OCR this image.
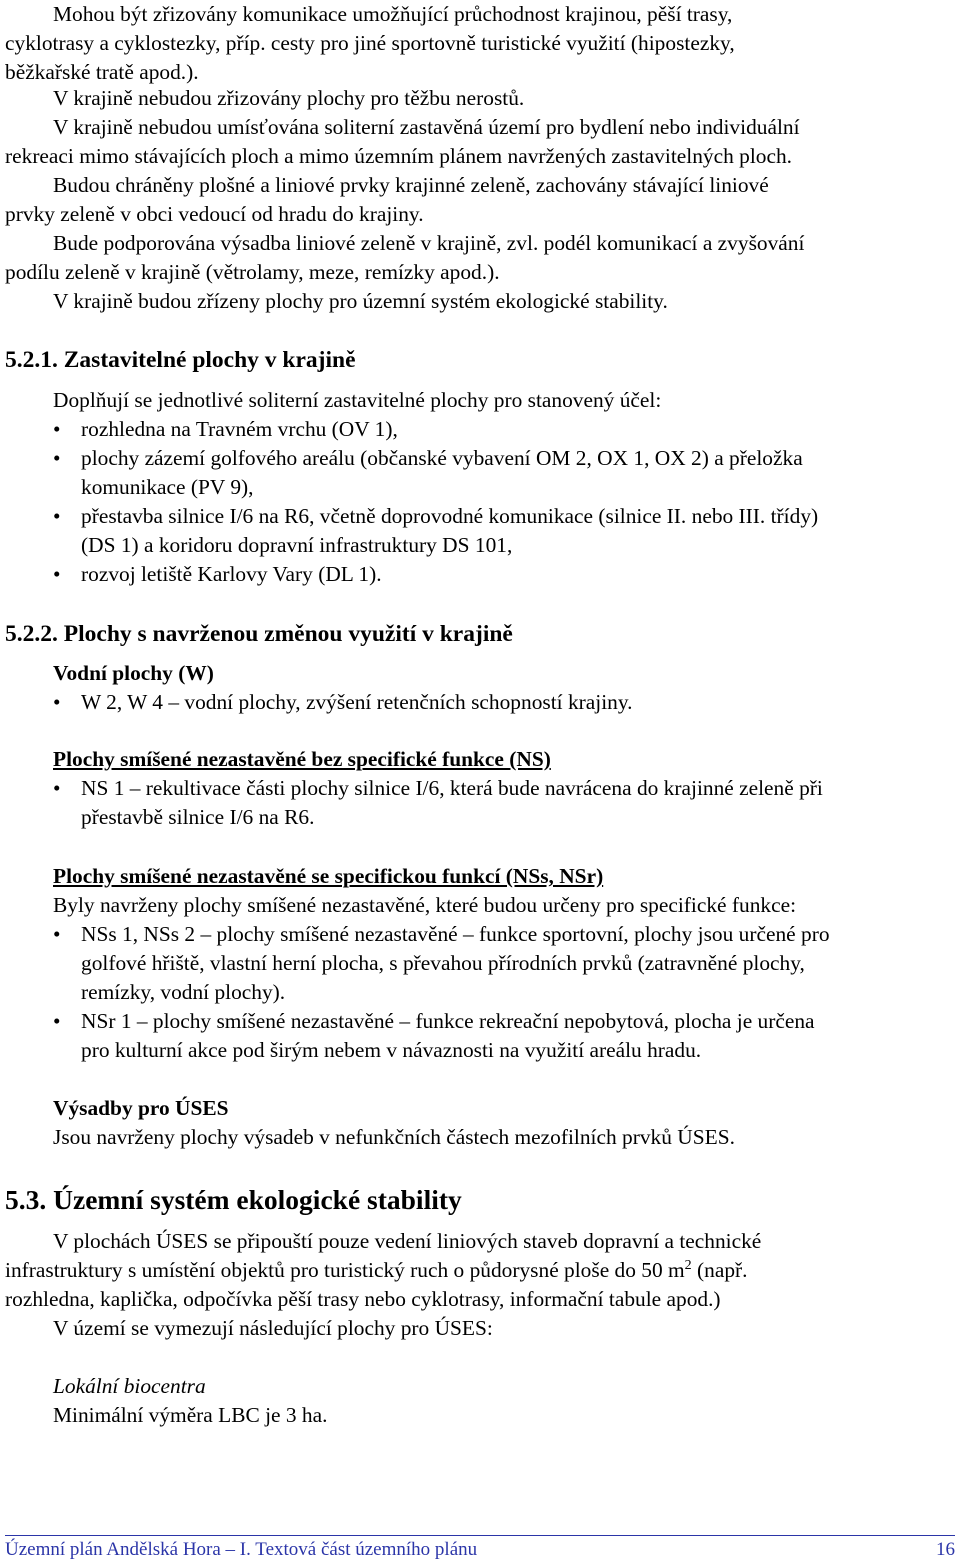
Mohou být zřizovány komunikace umožňující průchodnost krajinou, pěší trasy,
cyklotrasy a cyklostezky, příp. cesty pro jiné sportovně turistické využití (hipostezky,
běžkařské tratě apod.).
V krajině nebudou zřizovány plochy pro těžbu nerostů.
V krajině nebudou umísťována soliterní zastavěná území pro bydlení nebo individuální
rekreaci mimo stávajících ploch a mimo územním plánem navržených zastavitelných ploch.
Budou chráněny plošné a liniové prvky krajinné zeleně, zachovány stávající liniové
prvky zeleně v obci vedoucí od hradu do krajiny.
Bude podporována výsadba liniové zeleně v krajině, zvl. podél komunikací a zvyšování
podílu zeleně v krajině (větrolamy, meze, remízky apod.).
V krajině budou zřízeny plochy pro územní systém ekologické stability.
5.2.1. Zastavitelné plochy v krajině
Doplňují se jednotlivé soliterní zastavitelné plochy pro stanovený účel:
• rozhledna na Travném vrchu (OV 1),
• plochy zázemí golfového areálu (občanské vybavení OM 2, OX 1, OX 2) a přeložka
komunikace (PV 9),
• přestavba silnice I/6 na R6, včetně doprovodné komunikace (silnice II. nebo III. třídy)
(DS 1) a koridoru dopravní infrastruktury DS 101,
• rozvoj letiště Karlovy Vary (DL 1).
5.2.2. Plochy s navrženou změnou využití v krajině
Vodní plochy (W)
• W 2, W 4 – vodní plochy, zvýšení retenčních schopností krajiny.
Plochy smíšené nezastavěné bez specifické funkce (NS)
• NS 1 – rekultivace části plochy silnice I/6, která bude navrácena do krajinné zeleně při
přestavbě silnice I/6 na R6.
Plochy smíšené nezastavěné se specifickou funkcí (NSs, NSr)
Byly navrženy plochy smíšené nezastavěné, které budou určeny pro specifické funkce:
• NSs 1, NSs 2 – plochy smíšené nezastavěné – funkce sportovní, plochy jsou určené pro
golfové hřiště, vlastní herní plocha, s převahou přírodních prvků (zatravněné plochy,
remízky, vodní plochy).
• NSr 1 – plochy smíšené nezastavěné – funkce rekreační nepobytová, plocha je určena
pro kulturní akce pod širým nebem v návaznosti na využití areálu hradu.
Výsadby pro ÚSES
Jsou navrženy plochy výsadeb v nefunkčních částech mezofilních prvků ÚSES.
5.3. Územní systém ekologické stability
V plochách ÚSES se připouští pouze vedení liniových staveb dopravní a technické
infrastruktury s umístění objektů pro turistický ruch o půdorysné ploše do 50 $m^2$ (např.
rozhledna, kaplička, odpočívka pěší trasy nebo cyklotrasy, informační tabule apod.)
V území se vymezují následující plochy pro ÚSES:
Lokální biocentra
Minimální výměra LBC je 3 ha.
Územní plán Andělská Hora – I. Textová část územního plánu	16
